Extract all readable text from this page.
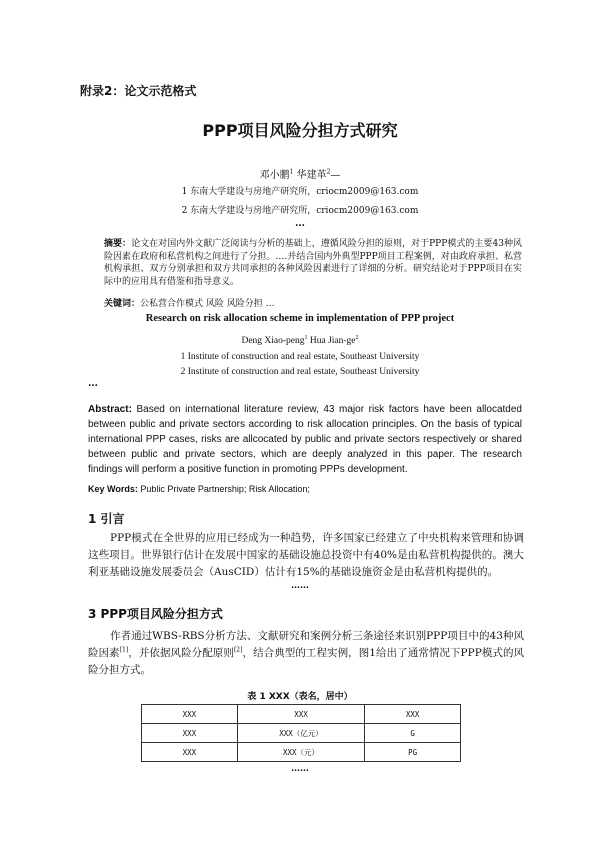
附录2：论文示范格式
PPP项目风险分担方式研究
邓小鹏$^1$ 华建革$^2$—
1 东南大学建设与房地产研究所，criocm2009@163.com
2 东南大学建设与房地产研究所，criocm2009@163.com
…
摘要：论文在对国内外文献广泛阅读与分析的基础上，遵循风险分担的原则，对于PPP模式的主要43种风险因素在政府和私营机构之间进行了分担。….并结合国内外典型PPP项目工程案例，对由政府承担、私营机构承担、双方分别承担和双方共同承担的各种风险因素进行了详细的分析。研究结论对于PPP项目在实际中的应用具有借鉴和指导意义。
关键词：公私营合作模式 风险 风险分担 …
Research on risk allocation scheme in implementation of PPP project
Deng Xiao-peng$^1$ Hua Jian-$ge^2$
1 Institute of construction and real estate, Southeast University
2 Institute of construction and real estate, Southeast University
…
Abstract: Based on international literature review, 43 major risk factors have been allocatded between public and private sectors according to risk allocation principles. On the basis of typical international PPP cases, risks are allcocated by public and private sectors respectively or shared between public and private sectors, which are deeply analyzed in this paper. The research findings will perform a positive function in promoting PPPs development.
Key Words: Public Private Partnership; Risk Allocation;
1 引言
PPP模式在全世界的应用已经成为一种趋势，许多国家已经建立了中央机构来管理和协调这些项目。世界银行估计在发展中国家的基础设施总投资中有40%是由私营机构提供的。澳大利亚基础设施发展委员会（AusCID）估计有15%的基础设施资金是由私营机构提供的。
……
3 PPP项目风险分担方式
作者通过WBS-RBS分析方法、文献研究和案例分析三条途径来识别PPP项目中的43种风险因素[1]，并依据风险分配原则[2]，结合典型的工程实例，图1给出了通常情况下PPP模式的风险分担方式。
表 1 XXX（表名，居中）
XXX	XXX	XXX
XXX	XXX（亿元）	G
XXX	XXX（元）	PG
……
